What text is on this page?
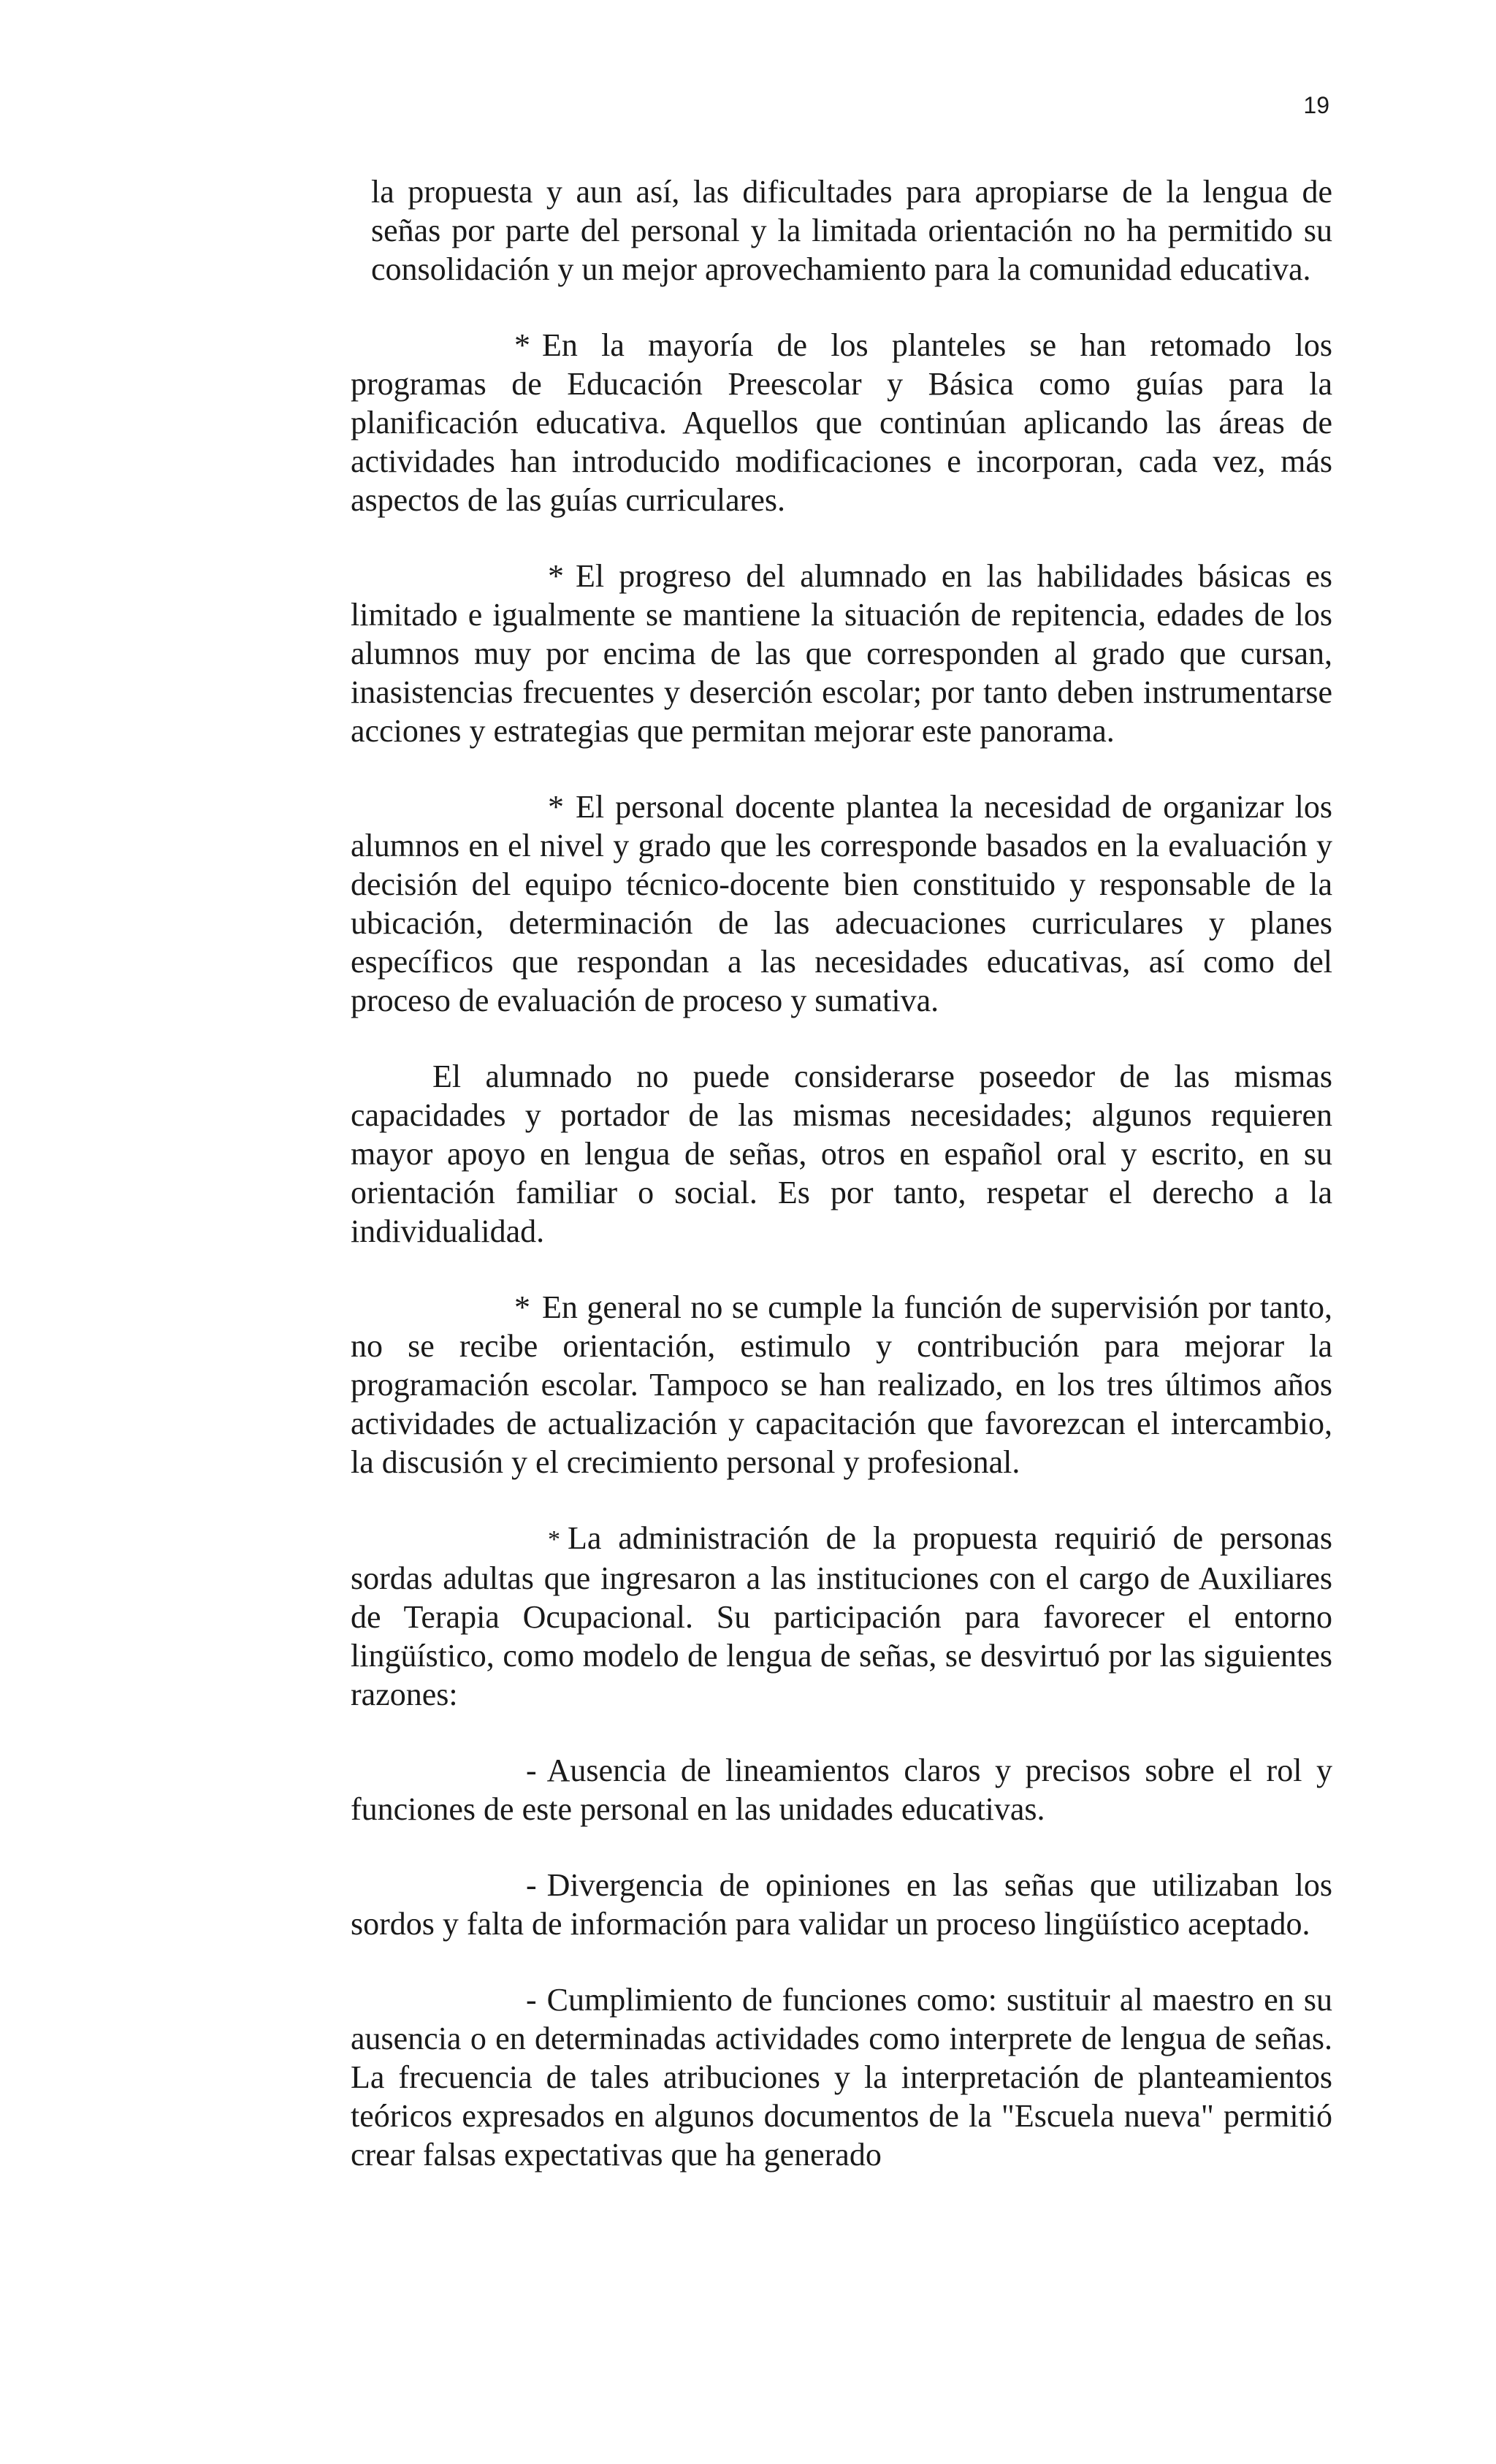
19

la propuesta y aun así, las dificultades para apropiarse de la lengua de señas por parte del personal y la limitada orientación no ha permitido su consolidación y un mejor aprovechamiento para la comunidad educativa.

* En la mayoría de los planteles se han retomado los programas de Educación Preescolar y Básica como guías para la planificación educativa. Aquellos que continúan aplicando las áreas de actividades han introducido modificaciones e incorporan, cada vez, más aspectos de las guías curriculares.

* El progreso del alumnado en las habilidades básicas es limitado e igualmente se mantiene la situación de repitencia, edades de los alumnos muy por encima de las que corresponden al grado que cursan, inasistencias frecuentes y deserción escolar; por tanto deben instrumentarse acciones y estrategias que permitan mejorar este panorama.

* El personal docente plantea la necesidad de organizar los alumnos en el nivel y grado que les corresponde basados en la evaluación y decisión del equipo técnico-docente bien constituido y responsable de la ubicación, determinación de las adecuaciones curriculares y planes específicos que respondan a las necesidades educativas, así como del proceso de evaluación de proceso y sumativa.

El alumnado no puede considerarse poseedor de las mismas capacidades y portador de las mismas necesidades; algunos requieren mayor apoyo en lengua de señas, otros en español oral y escrito, en su orientación familiar o social. Es por tanto, respetar el derecho a la individualidad.

* En general no se cumple la función de supervisión por tanto, no se recibe orientación, estimulo y contribución para mejorar la programación escolar. Tampoco se han realizado, en los tres últimos años actividades de actualización y capacitación que favorezcan el intercambio, la discusión y el crecimiento personal y profesional.

* La administración de la propuesta requirió de personas sordas adultas que ingresaron a las instituciones con el cargo de Auxiliares de Terapia Ocupacional. Su participación para favorecer el entorno lingüístico, como modelo de lengua de señas, se desvirtuó por las siguientes razones:

- Ausencia de lineamientos claros y precisos sobre el rol y funciones de este personal en las unidades educativas.

- Divergencia de opiniones en las señas que utilizaban los sordos y falta de información para validar un proceso lingüístico aceptado.

- Cumplimiento de funciones como: sustituir al maestro en su ausencia o en determinadas actividades como interprete de lengua de señas. La frecuencia de tales atribuciones y la interpretación de planteamientos teóricos expresados en algunos documentos de la "Escuela nueva" permitió crear falsas expectativas que ha generado
